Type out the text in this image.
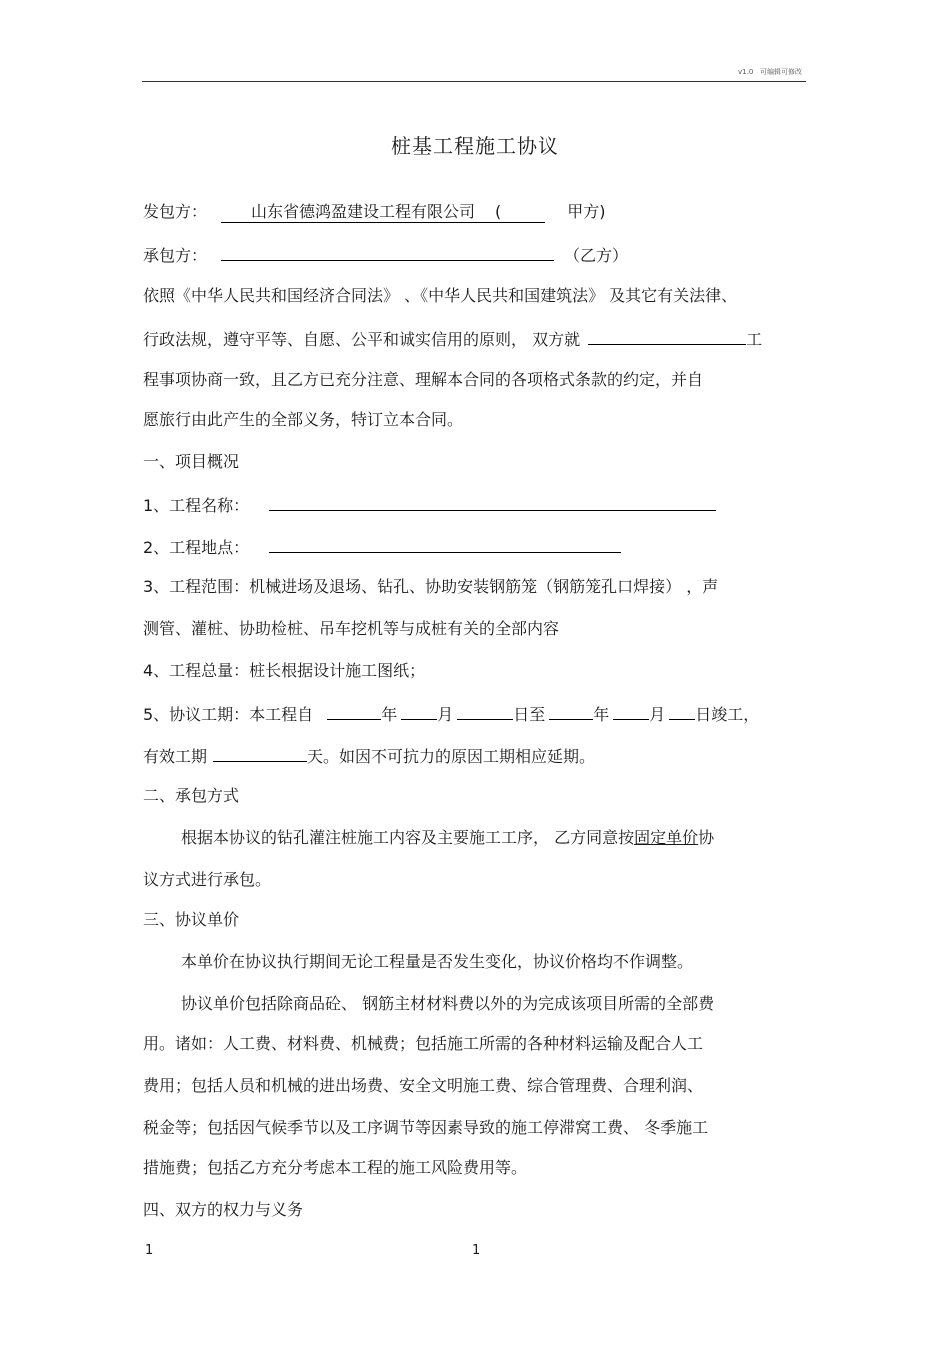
v1.0 可编辑可修改
桩基工程施工协议
发包方：	山东省德鸿盈建设工程有限公司 (	甲方)
承包方：	（乙方）
依照《中华人民共和国经济合同法》 、《中华人民共和国建筑法》 及其它有关法律、
行政法规，遵守平等、自愿、公平和诚实信用的原则， 双方就	工
程事项协商一致，且乙方已充分注意、理解本合同的各项格式条款的约定，并自
愿旅行由此产生的全部义务，特订立本合同。
一、项目概况
1、工程名称：
2、工程地点：
3、工程范围：机械进场及退场、钻孔、协助安装钢筋笼（钢筋笼孔口焊接） ，声
测管、灌桩、协助检桩、吊车挖机等与成桩有关的全部内容
4、工程总量：桩长根据设计施工图纸；
5、协议工期：本工程自	年	月	日至	年	月 日竣工，
有效工期	天。如因不可抗力的原因工期相应延期。
二、承包方式
根据本协议的钻孔灌注桩施工内容及主要施工工序， 乙方同意按固定单价协
议方式进行承包。
三、协议单价
本单价在协议执行期间无论工程量是否发生变化，协议价格均不作调整。
协议单价包括除商品砼、 钢筋主材材料费以外的为完成该项目所需的全部费
用。诸如：人工费、材料费、机械费；包括施工所需的各种材料运输及配合人工
费用；包括人员和机械的进出场费、安全文明施工费、综合管理费、合理利润、
税金等；包括因气候季节以及工序调节等因素导致的施工停滞窝工费、 冬季施工
措施费；包括乙方充分考虑本工程的施工风险费用等。
四、双方的权力与义务
1	1
